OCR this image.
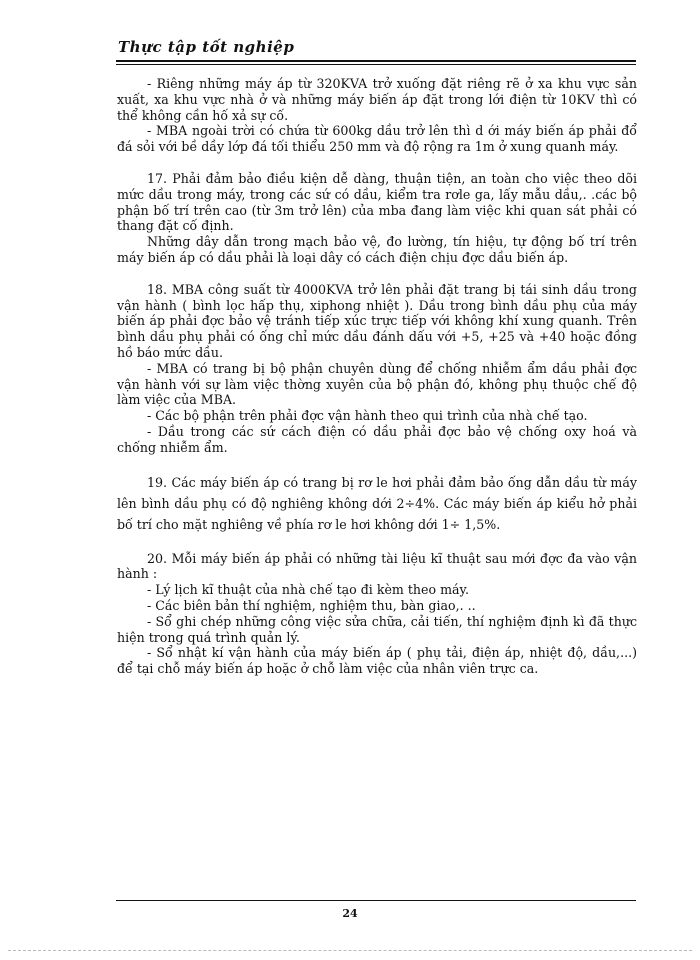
Thực tập tốt nghiệp

- Riêng những máy áp từ 320KVA trở xuống đặt riêng rẽ ở xa khu vực sản xuất, xa khu vực nhà ở và những máy biến áp đặt trong lới điện từ 10KV thì có thể không cần hố xả sự cố.

- MBA ngoài trời có chứa từ 600kg dầu trở lên thì d ới máy biến áp phải đổ đá sỏi với bề dầy lớp đá tối thiểu 250 mm và độ rộng ra 1m ở xung quanh máy.

17. Phải đảm bảo điều kiện dễ dàng, thuận tiện, an toàn cho việc theo dõi mức dầu trong máy, trong các sứ có dầu, kiểm tra rơle ga, lấy mẫu dầu,. .các bộ phận bố trí trên cao (từ 3m trở lên) của mba đang làm việc khi quan sát phải có thang đặt cố định.

Những dây dẫn trong mạch bảo vệ, đo lường, tín hiệu, tự động bố trí trên máy biến áp có dầu phải là loại dây có cách điện chịu đợc dầu biến áp.

18. MBA công suất từ 4000KVA trở lên phải đặt trang bị tái sinh dầu trong vận hành ( bình lọc hấp thụ, xiphong nhiệt ). Dầu trong bình dầu phụ của máy biến áp phải đợc bảo vệ tránh tiếp xúc trực tiếp với không khí xung quanh. Trên bình dầu phụ phải có ống chỉ mức dầu đánh dấu với +5, +25 và +40 hoặc đồng hồ báo mức dầu.

- MBA có trang bị bộ phận chuyên dùng để chống nhiễm ẩm dầu phải đợc vận hành với sự làm việc thờng xuyên của bộ phận đó, không phụ thuộc chế độ làm việc của MBA.

- Các bộ phận trên phải đợc vận hành theo qui trình của nhà chế tạo.

- Dầu trong các sứ cách điện có dầu phải đợc bảo vệ chống oxy hoá và chống nhiễm ẩm.

19. Các máy biến áp có trang bị rơ le hơi phải đảm bảo ống dẫn dầu từ máy lên bình dầu phụ có độ nghiêng không dới 2÷4%. Các máy biến áp kiểu hở phải bố trí cho mặt nghiêng về phía rơ le hơi không dới 1÷ 1,5%.

20. Mỗi máy biến áp phải có những tài liệu kĩ thuật sau mới đợc đa vào vận hành :

- Lý lịch kĩ thuật của nhà chế tạo đi kèm theo máy.

- Các biên bản thí nghiệm, nghiệm thu, bàn giao,. ..

- Sổ ghi chép những công việc sửa chữa, cải tiến, thí nghiệm định kì đã thực hiện trong quá trình quản lý.

- Sổ nhật kí vận hành của máy biến áp ( phụ tải, điện áp, nhiệt độ, dầu,...) để tại chỗ máy biến áp hoặc ở chỗ làm việc của nhân viên trực ca.

24
